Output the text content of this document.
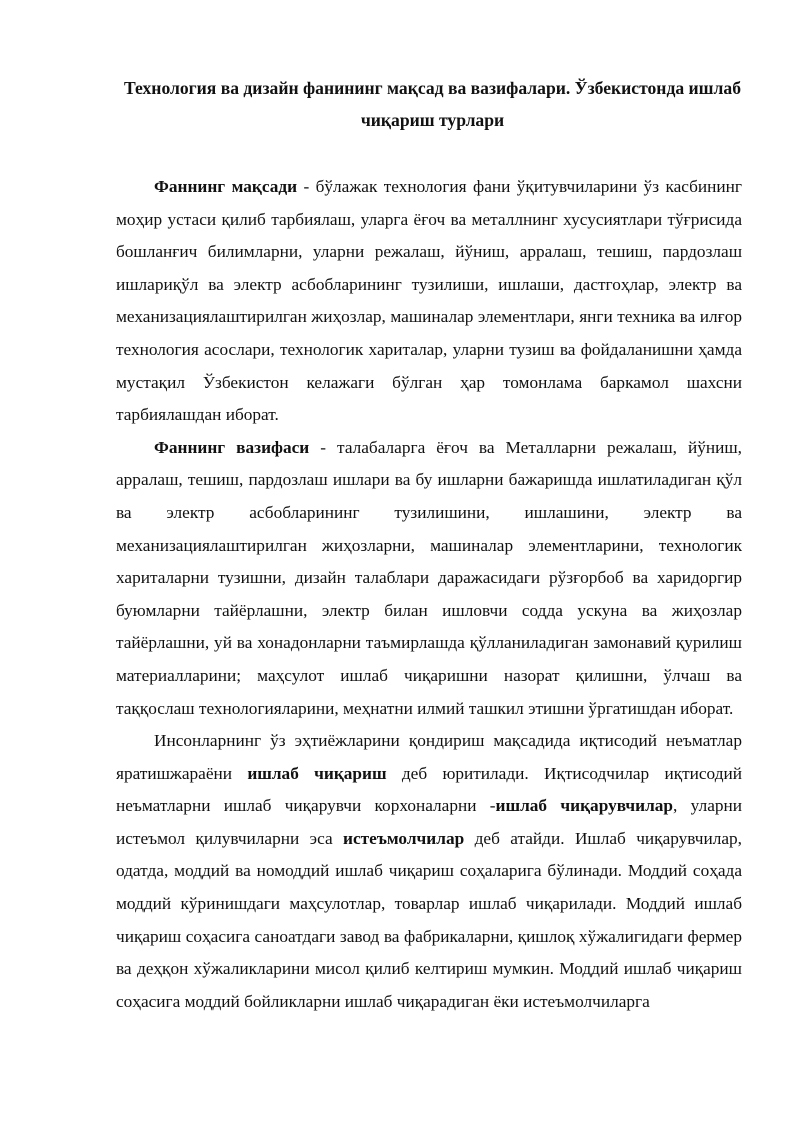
Технология ва дизайн фанининг мақсад ва вазифалари. Ўзбекистонда ишлаб
чиқариш турлари

Фаннинг мақсади - бўлажак технология фани ўқитувчиларини ўз касбининг моҳир устаси қилиб тарбиялаш, уларга ёғоч ва металлнинг хусусиятлари тўғрисида бошланғич билимларни, уларни режалаш, йўниш, арралаш, тешиш, пардозлаш ишлариқўл ва электр асбобларининг тузилиши, ишлаши, дастгоҳлар, электр ва механизациялаштирилган жиҳозлар, машиналар элементлари, янги техника ва илғор технология асослари, технологик хариталар, уларни тузиш ва фойдаланишни ҳамда мустақил Ўзбекистон келажаги бўлган ҳар томонлама баркамол шахсни тарбиялашдан иборат.

Фаннинг вазифаси - талабаларга ёғоч ва Металларни режалаш, йўниш, арралаш, тешиш, пардозлаш ишлари ва бу ишларни бажаришда ишлатиладиган қўл ва электр асбобларининг тузилишини, ишлашини, электр ва механизациялаштирилган жиҳозларни, машиналар элементларини, технологик хариталарни тузишни, дизайн талаблари даражасидаги рўзғорбоб ва харидоргир буюмларни тайёрлашни, электр билан ишловчи содда ускуна ва жиҳозлар тайёрлашни, уй ва хонадонларни таъмирлашда қўлланиладиган замонавий қурилиш материалларини; маҳсулот ишлаб чиқаришни назорат қилишни, ўлчаш ва таққослаш технологияларини, меҳнатни илмий ташкил этишни ўргатишдан иборат.

Инсонларнинг ўз эҳтиёжларини қондириш мақсадида иқтисодий неъматлар яратишжараёни ишлаб чиқариш деб юритилади. Иқтисодчилар иқтисодий неъматларни ишлаб чиқарувчи корхоналарни -ишлаб чиқарувчилар, уларни истеъмол қилувчиларни эса истеъмолчилар деб атайди. Ишлаб чиқарувчилар, одатда, моддий ва номоддий ишлаб чиқариш соҳаларига бўлинади. Моддий соҳада моддий кўринишдаги маҳсулотлар, товарлар ишлаб чиқарилади. Моддий ишлаб чиқариш соҳасига саноатдаги завод ва фабрикаларни, қишлоқ хўжалигидаги фермер ва деҳқон хўжаликларини мисол қилиб келтириш мумкин. Моддий ишлаб чиқариш соҳасига моддий бойликларни ишлаб чиқарадиган ёки истеъмолчиларга
